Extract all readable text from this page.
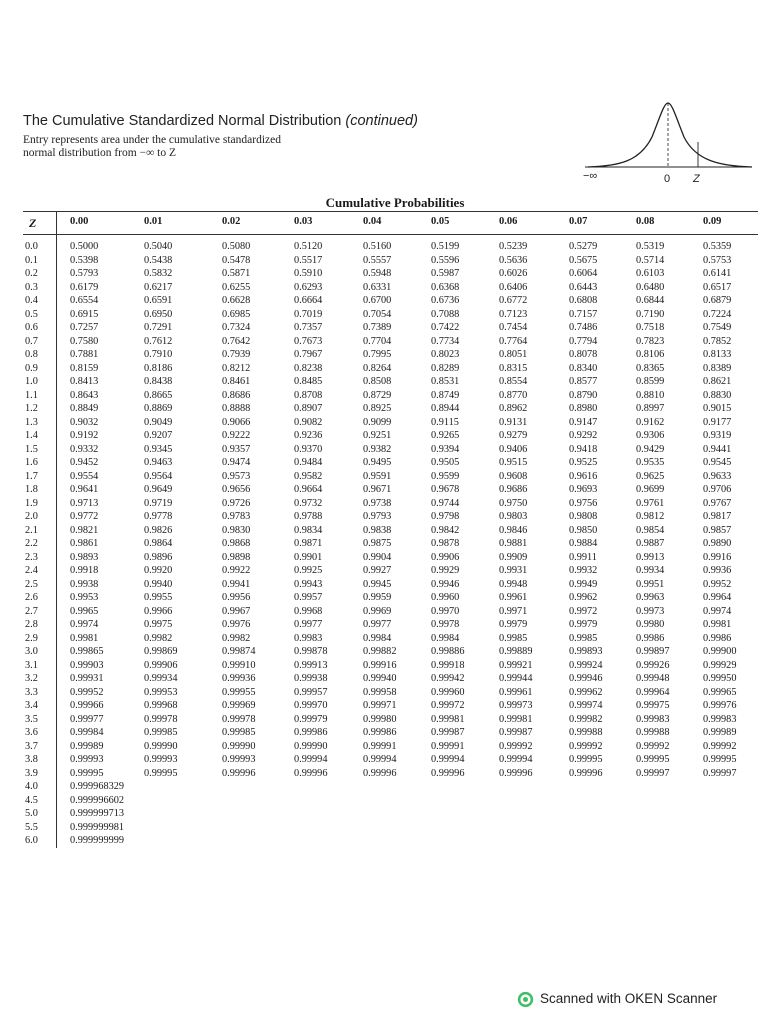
The Cumulative Standardized Normal Distribution (continued)
Entry represents area under the cumulative standardized
normal distribution from −∞ to Z
−∞	0 Z
Cumulative Probabilities
Z	0.00	0.01	0.02	0.03	0.04	0.05	0.06	0.07	0.08	0.09
0.0	0.5000	0.5040	0.5080	0.5120	0.5160	0.5199	0.5239	0.5279	0.5319	0.5359
0.1	0.5398	0.5438	0.5478	0.5517	0.5557	0.5596	0.5636	0.5675	0.5714	0.5753
0.2	0.5793	0.5832	0.5871	0.5910	0.5948	0.5987	0.6026	0.6064	0.6103	0.6141
0.3	0.6179	0.6217	0.6255	0.6293	0.6331	0.6368	0.6406	0.6443	0.6480	0.6517
0.4	0.6554	0.6591	0.6628	0.6664	0.6700	0.6736	0.6772	0.6808	0.6844	0.6879
0.5	0.6915	0.6950	0.6985	0.7019	0.7054	0.7088	0.7123	0.7157	0.7190	0.7224
0.6	0.7257	0.7291	0.7324	0.7357	0.7389	0.7422	0.7454	0.7486	0.7518	0.7549
0.7	0.7580	0.7612	0.7642	0.7673	0.7704	0.7734	0.7764	0.7794	0.7823	0.7852
0.8	0.7881	0.7910	0.7939	0.7967	0.7995	0.8023	0.8051	0.8078	0.8106	0.8133
0.9	0.8159	0.8186	0.8212	0.8238	0.8264	0.8289	0.8315	0.8340	0.8365	0.8389
1.0	0.8413	0.8438	0.8461	0.8485	0.8508	0.8531	0.8554	0.8577	0.8599	0.8621
1.1	0.8643	0.8665	0.8686	0.8708	0.8729	0.8749	0.8770	0.8790	0.8810	0.8830
1.2	0.8849	0.8869	0.8888	0.8907	0.8925	0.8944	0.8962	0.8980	0.8997	0.9015
1.3	0.9032	0.9049	0.9066	0.9082	0.9099	0.9115	0.9131	0.9147	0.9162	0.9177
1.4	0.9192	0.9207	0.9222	0.9236	0.9251	0.9265	0.9279	0.9292	0.9306	0.9319
1.5	0.9332	0.9345	0.9357	0.9370	0.9382	0.9394	0.9406	0.9418	0.9429	0.9441
1.6	0.9452	0.9463	0.9474	0.9484	0.9495	0.9505	0.9515	0.9525	0.9535	0.9545
1.7	0.9554	0.9564	0.9573	0.9582	0.9591	0.9599	0.9608	0.9616	0.9625	0.9633
1.8	0.9641	0.9649	0.9656	0.9664	0.9671	0.9678	0.9686	0.9693	0.9699	0.9706
1.9	0.9713	0.9719	0.9726	0.9732	0.9738	0.9744	0.9750	0.9756	0.9761	0.9767
2.0	0.9772	0.9778	0.9783	0.9788	0.9793	0.9798	0.9803	0.9808	0.9812	0.9817
2.1	0.9821	0.9826	0.9830	0.9834	0.9838	0.9842	0.9846	0.9850	0.9854	0.9857
2.2	0.9861	0.9864	0.9868	0.9871	0.9875	0.9878	0.9881	0.9884	0.9887	0.9890
2.3	0.9893	0.9896	0.9898	0.9901	0.9904	0.9906	0.9909	0.9911	0.9913	0.9916
2.4	0.9918	0.9920	0.9922	0.9925	0.9927	0.9929	0.9931	0.9932	0.9934	0.9936
2.5	0.9938	0.9940	0.9941	0.9943	0.9945	0.9946	0.9948	0.9949	0.9951	0.9952
2.6	0.9953	0.9955	0.9956	0.9957	0.9959	0.9960	0.9961	0.9962	0.9963	0.9964
2.7	0.9965	0.9966	0.9967	0.9968	0.9969	0.9970	0.9971	0.9972	0.9973	0.9974
2.8	0.9974	0.9975	0.9976	0.9977	0.9977	0.9978	0.9979	0.9979	0.9980	0.9981
2.9	0.9981	0.9982	0.9982	0.9983	0.9984	0.9984	0.9985	0.9985	0.9986	0.9986
3.0	0.99865	0.99869	0.99874	0.99878	0.99882	0.99886	0.99889	0.99893	0.99897	0.99900
3.1	0.99903	0.99906	0.99910	0.99913	0.99916	0.99918	0.99921	0.99924	0.99926	0.99929
3.2	0.99931	0.99934	0.99936	0.99938	0.99940	0.99942	0.99944	0.99946	0.99948	0.99950
3.3	0.99952	0.99953	0.99955	0.99957	0.99958	0.99960	0.99961	0.99962	0.99964	0.99965
3.4	0.99966	0.99968	0.99969	0.99970	0.99971	0.99972	0.99973	0.99974	0.99975	0.99976
3.5	0.99977	0.99978	0.99978	0.99979	0.99980	0.99981	0.99981	0.99982	0.99983	0.99983
3.6	0.99984	0.99985	0.99985	0.99986	0.99986	0.99987	0.99987	0.99988	0.99988	0.99989
3.7	0.99989	0.99990	0.99990	0.99990	0.99991	0.99991	0.99992	0.99992	0.99992	0.99992
3.8	0.99993	0.99993	0.99993	0.99994	0.99994	0.99994	0.99994	0.99995	0.99995	0.99995
3.9	0.99995	0.99995	0.99996	0.99996	0.99996	0.99996	0.99996	0.99996	0.99997	0.99997
4.0	0.999968329
4.5	0.999996602
5.0	0.999999713
5.5	0.999999981
6.0	0.999999999
Scanned with OKEN Scanner
